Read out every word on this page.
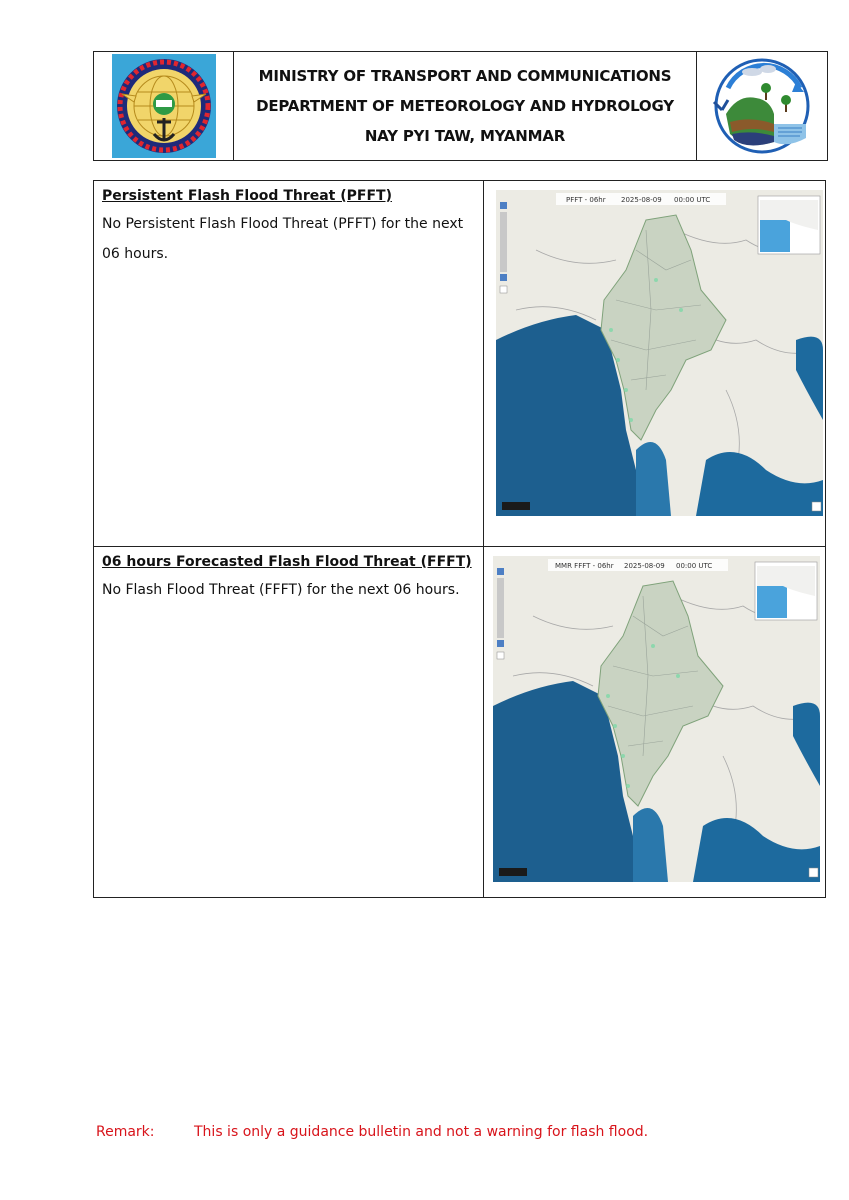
MINISTRY OF TRANSPORT AND COMMUNICATIONS
DEPARTMENT OF METEOROLOGY AND HYDROLOGY
NAY PYI TAW, MYANMAR
Persistent Flash Flood Threat (PFFT)
No Persistent Flash Flood Threat (PFFT) for the next 06 hours.
PFFT - 06hr 2025-08-09 00:00 UTC
06 hours Forecasted Flash Flood Threat (FFFT)
No Flash Flood Threat (FFFT) for the next 06 hours.
MMR FFFT - 06hr 2025-08-09 00:00 UTC
Remark:	This is only a guidance bulletin and not a warning for flash flood.
